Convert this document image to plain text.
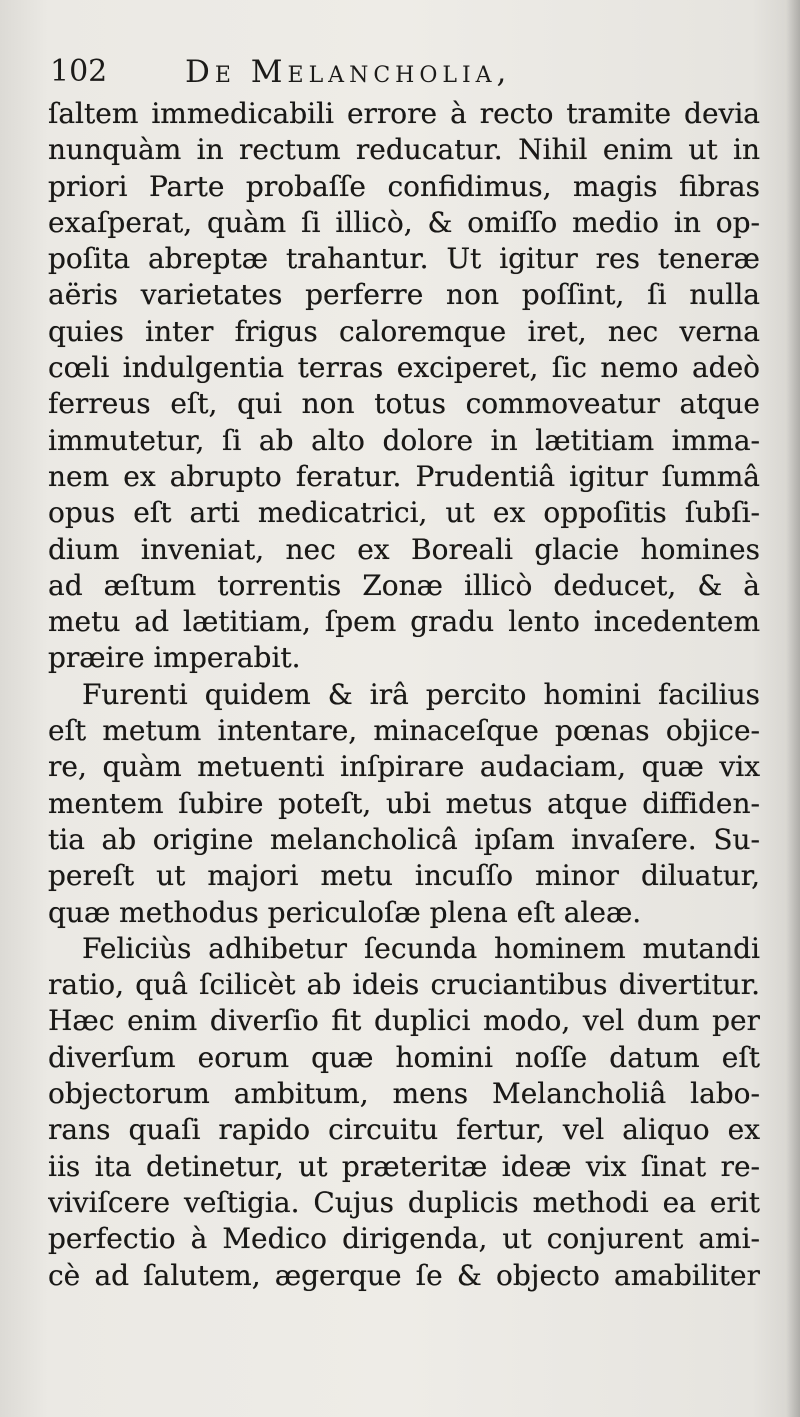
102	De Melancholia,
ſaltem immedicabili errore à recto tramite devia
nunquàm in rectum reducatur. Nihil enim ut in
priori Parte probaſſe confidimus, magis fibras
exaſperat, quàm ſi illicò, & omiſſo medio in op-
poſita abreptæ trahantur. Ut igitur res teneræ
aëris varietates perferre non poſſint, ſi nulla
quies inter frigus caloremque iret, nec verna
cœli indulgentia terras exciperet, ſic nemo adeò
ferreus eſt, qui non totus commoveatur atque
immutetur, ſi ab alto dolore in lætitiam imma-
nem ex abrupto feratur. Prudentiâ igitur ſummâ
opus eſt arti medicatrici, ut ex oppoſitis ſubſi-
dium inveniat, nec ex Boreali glacie homines
ad æſtum torrentis Zonæ illicò deducet, & à
metu ad lætitiam, ſpem gradu lento incedentem
præire imperabit.
Furenti quidem & irâ percito homini facilius
eſt metum intentare, minaceſque pœnas objice-
re, quàm metuenti inſpirare audaciam, quæ vix
mentem ſubire poteſt, ubi metus atque diffiden-
tia ab origine melancholicâ ipſam invaſere. Su-
pereſt ut majori metu incuſſo minor diluatur,
quæ methodus periculoſæ plena eſt aleæ.
Feliciùs adhibetur ſecunda hominem mutandi
ratio, quâ ſcilicèt ab ideis cruciantibus divertitur.
Hæc enim diverſio fit duplici modo, vel dum per
diverſum eorum quæ homini noſſe datum eſt
objectorum ambitum, mens Melancholiâ labo-
rans quaſi rapido circuitu fertur, vel aliquo ex
iis ita detinetur, ut præteritæ ideæ vix ſinat re-
viviſcere veſtigia. Cujus duplicis methodi ea erit
perfectio à Medico dirigenda, ut conjurent ami-
cè ad ſalutem, ægerque ſe & objecto amabiliter
